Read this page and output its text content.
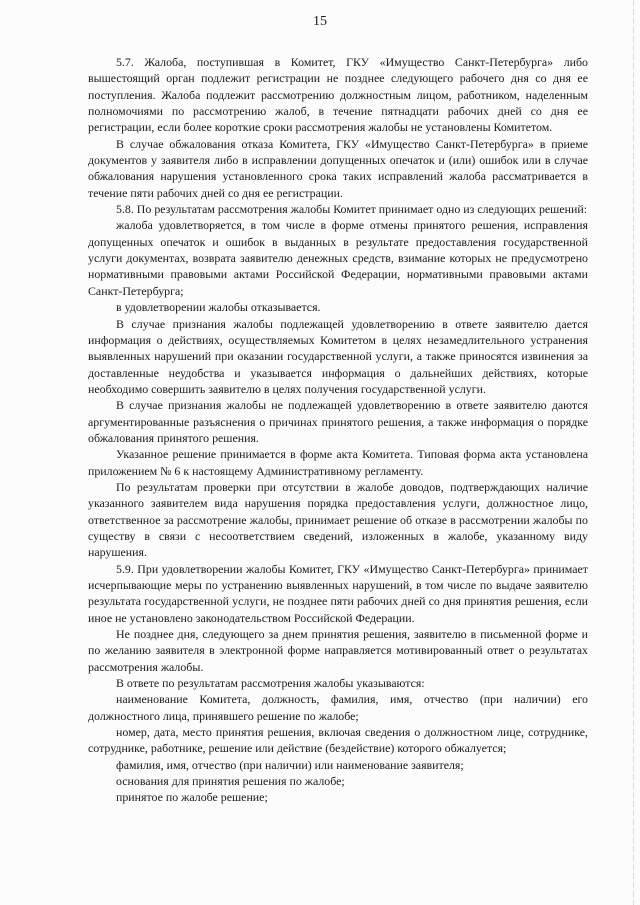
15

5.7. Жалоба, поступившая в Комитет, ГКУ «Имущество Санкт-Петербурга» либо вышестоящий орган подлежит регистрации не позднее следующего рабочего дня со дня ее поступления. Жалоба подлежит рассмотрению должностным лицом, работником, наделенным полномочиями по рассмотрению жалоб, в течение пятнадцати рабочих дней со дня ее регистрации, если более короткие сроки рассмотрения жалобы не установлены Комитетом.

В случае обжалования отказа Комитета, ГКУ «Имущество Санкт-Петербурга» в приеме документов у заявителя либо в исправлении допущенных опечаток и (или) ошибок или в случае обжалования нарушения установленного срока таких исправлений жалоба рассматривается в течение пяти рабочих дней со дня ее регистрации.

5.8. По результатам рассмотрения жалобы Комитет принимает одно из следующих решений:

жалоба удовлетворяется, в том числе в форме отмены принятого решения, исправления допущенных опечаток и ошибок в выданных в результате предоставления государственной услуги документах, возврата заявителю денежных средств, взимание которых не предусмотрено нормативными правовыми актами Российской Федерации, нормативными правовыми актами Санкт-Петербурга;

в удовлетворении жалобы отказывается.

В случае признания жалобы подлежащей удовлетворению в ответе заявителю дается информация о действиях, осуществляемых Комитетом в целях незамедлительного устранения выявленных нарушений при оказании государственной услуги, а также приносятся извинения за доставленные неудобства и указывается информация о дальнейших действиях, которые необходимо совершить заявителю в целях получения государственной услуги.

В случае признания жалобы не подлежащей удовлетворению в ответе заявителю даются аргументированные разъяснения о причинах принятого решения, а также информация о порядке обжалования принятого решения.

Указанное решение принимается в форме акта Комитета. Типовая форма акта установлена приложением № 6 к настоящему Административному регламенту.

По результатам проверки при отсутствии в жалобе доводов, подтверждающих наличие указанного заявителем вида нарушения порядка предоставления услуги, должностное лицо, ответственное за рассмотрение жалобы, принимает решение об отказе в рассмотрении жалобы по существу в связи с несоответствием сведений, изложенных в жалобе, указанному виду нарушения.

5.9. При удовлетворении жалобы Комитет, ГКУ «Имущество Санкт-Петербурга» принимает исчерпывающие меры по устранению выявленных нарушений, в том числе по выдаче заявителю результата государственной услуги, не позднее пяти рабочих дней со дня принятия решения, если иное не установлено законодательством Российской Федерации.

Не позднее дня, следующего за днем принятия решения, заявителю в письменной форме и по желанию заявителя в электронной форме направляется мотивированный ответ о результатах рассмотрения жалобы.

В ответе по результатам рассмотрения жалобы указываются:

наименование Комитета, должность, фамилия, имя, отчество (при наличии) его должностного лица, принявшего решение по жалобе;

номер, дата, место принятия решения, включая сведения о должностном лице, сотруднике, сотруднике, работнике, решение или действие (бездействие) которого обжалуется;

фамилия, имя, отчество (при наличии) или наименование заявителя;

основания для принятия решения по жалобе;

принятое по жалобе решение;
